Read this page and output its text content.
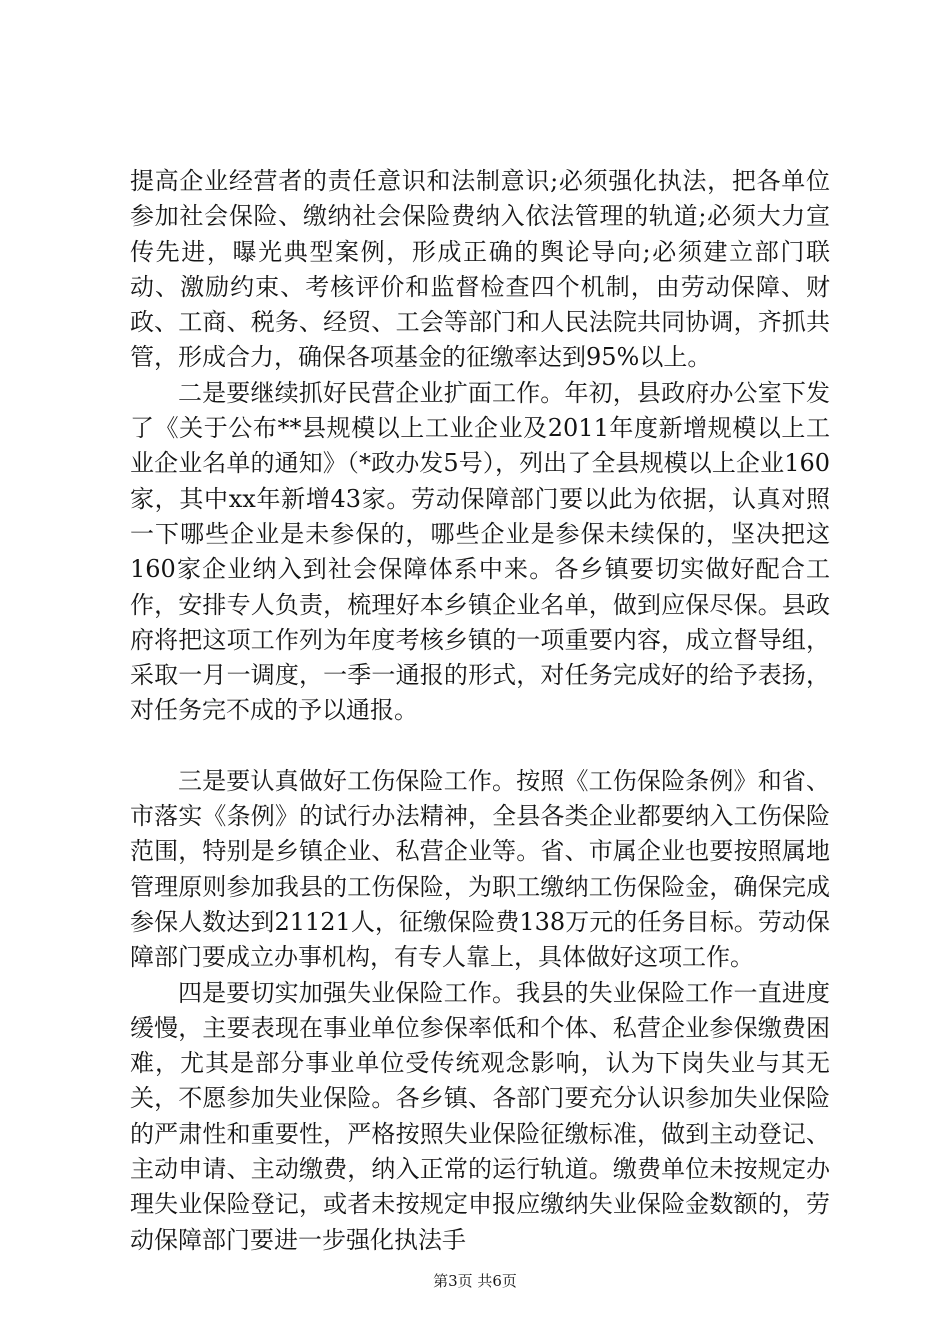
提高企业经营者的责任意识和法制意识;必须强化执法，把各单位参加社会保险、缴纳社会保险费纳入依法管理的轨道;必须大力宣传先进，曝光典型案例，形成正确的舆论导向;必须建立部门联动、激励约束、考核评价和监督检查四个机制，由劳动保障、财政、工商、税务、经贸、工会等部门和人民法院共同协调，齐抓共管，形成合力，确保各项基金的征缴率达到95%以上。

二是要继续抓好民营企业扩面工作。年初，县政府办公室下发了《关于公布**县规模以上工业企业及2011年度新增规模以上工业企业名单的通知》（*政办发5号），列出了全县规模以上企业160家，其中xx年新增43家。劳动保障部门要以此为依据，认真对照一下哪些企业是未参保的，哪些企业是参保未续保的，坚决把这160家企业纳入到社会保障体系中来。各乡镇要切实做好配合工作，安排专人负责，梳理好本乡镇企业名单，做到应保尽保。县政府将把这项工作列为年度考核乡镇的一项重要内容，成立督导组，采取一月一调度，一季一通报的形式，对任务完成好的给予表扬，对任务完不成的予以通报。

三是要认真做好工伤保险工作。按照《工伤保险条例》和省、市落实《条例》的试行办法精神，全县各类企业都要纳入工伤保险范围，特别是乡镇企业、私营企业等。省、市属企业也要按照属地管理原则参加我县的工伤保险，为职工缴纳工伤保险金，确保完成参保人数达到21121人，征缴保险费138万元的任务目标。劳动保障部门要成立办事机构，有专人靠上，具体做好这项工作。

四是要切实加强失业保险工作。我县的失业保险工作一直进度缓慢，主要表现在事业单位参保率低和个体、私营企业参保缴费困难，尤其是部分事业单位受传统观念影响，认为下岗失业与其无关，不愿参加失业保险。各乡镇、各部门要充分认识参加失业保险的严肃性和重要性，严格按照失业保险征缴标准，做到主动登记、主动申请、主动缴费，纳入正常的运行轨道。缴费单位未按规定办理失业保险登记，或者未按规定申报应缴纳失业保险金数额的，劳动保障部门要进一步强化执法手

第3页 共6页
